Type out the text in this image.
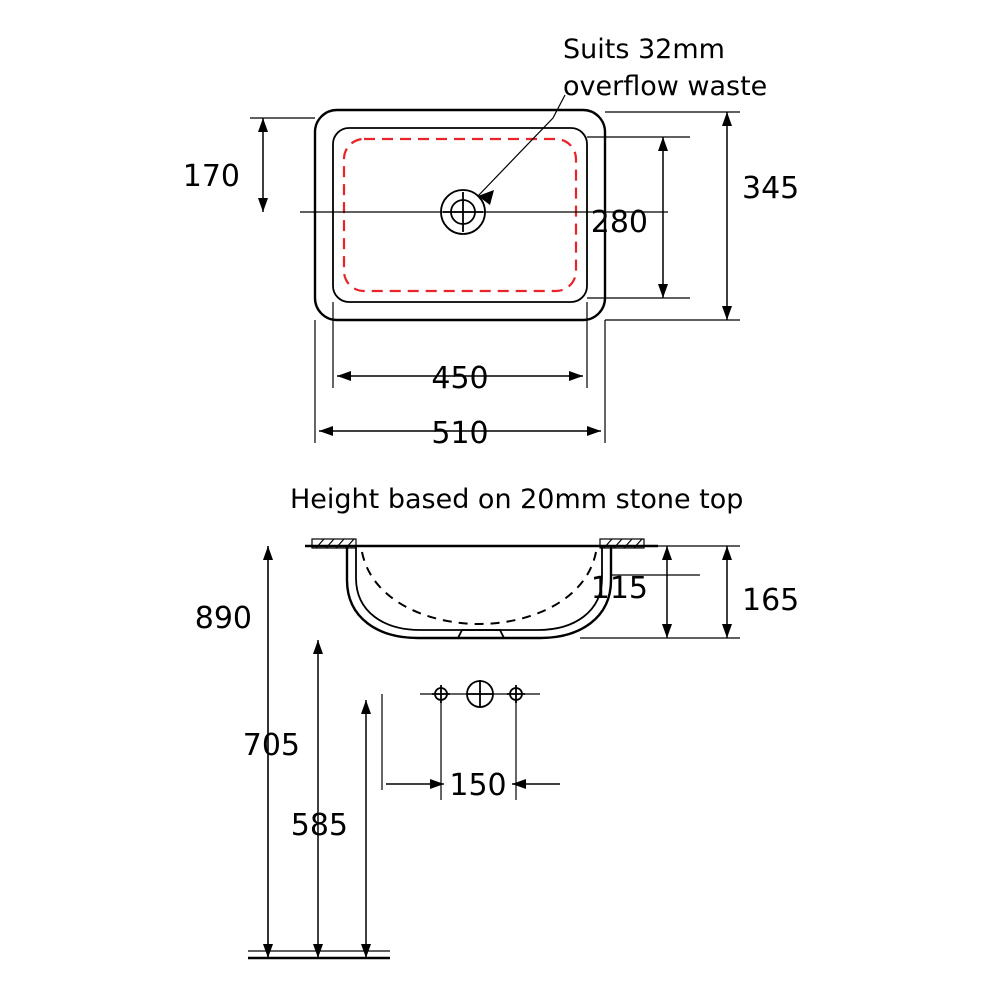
Suits 32mm
overflow waste
170	345
280
450
510
Height based on 20mm stone top
115	165
890
705
585
150
